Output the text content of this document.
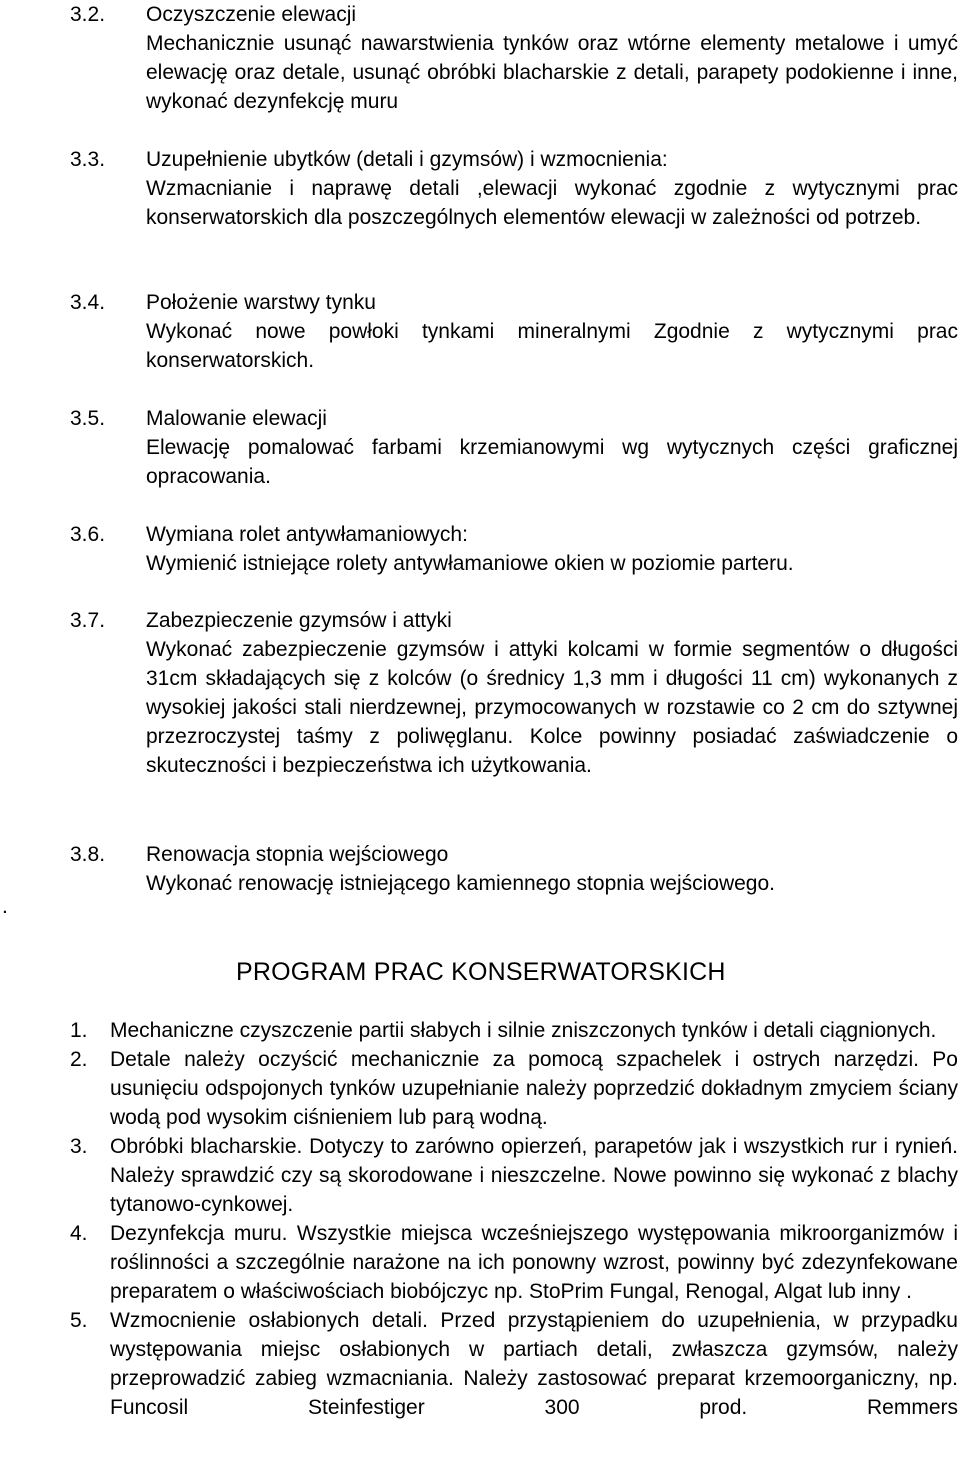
3.2. Oczyszczenie elewacji
Mechanicznie usunąć nawarstwienia tynków oraz wtórne elementy metalowe i umyć elewację oraz detale, usunąć obróbki blacharskie z detali, parapety podokienne i inne, wykonać dezynfekcję muru
3.3. Uzupełnienie ubytków (detali i gzymsów) i wzmocnienia:
Wzmacnianie i naprawę detali ,elewacji wykonać zgodnie z wytycznymi prac konserwatorskich dla poszczególnych elementów elewacji w zależności od potrzeb.
3.4. Położenie warstwy tynku
Wykonać nowe powłoki tynkami mineralnymi Zgodnie z wytycznymi prac konserwatorskich.
3.5. Malowanie elewacji
Elewację pomalować farbami krzemianowymi wg wytycznych części graficznej opracowania.
3.6. Wymiana rolet antywłamaniowych:
Wymienić istniejące rolety antywłamaniowe okien w poziomie parteru.
3.7. Zabezpieczenie gzymsów i attyki
Wykonać zabezpieczenie gzymsów i attyki kolcami w formie segmentów o długości 31cm składających się z kolców (o średnicy 1,3 mm i długości 11 cm) wykonanych z wysokiej jakości stali nierdzewnej, przymocowanych w rozstawie co 2 cm do sztywnej przezroczystej taśmy z poliwęglanu. Kolce powinny posiadać zaświadczenie o skuteczności i bezpieczeństwa ich użytkowania.
3.8. Renowacja stopnia wejściowego
Wykonać renowację istniejącego kamiennego stopnia wejściowego.
.
PROGRAM PRAC KONSERWATORSKICH
1. Mechaniczne czyszczenie partii słabych i silnie zniszczonych tynków i detali ciągnionych.
2. Detale należy oczyścić mechanicznie za pomocą szpachelek i ostrych narzędzi. Po usunięciu odspojonych tynków uzupełnianie należy poprzedzić dokładnym zmyciem ściany wodą pod wysokim ciśnieniem lub parą wodną.
3. Obróbki blacharskie. Dotyczy to zarówno opierzeń, parapetów jak i wszystkich rur i rynień. Należy sprawdzić czy są skorodowane i nieszczelne. Nowe powinno się wykonać z blachy tytanowo-cynkowej.
4. Dezynfekcja muru. Wszystkie miejsca wcześniejszego występowania mikroorganizmów i roślinności a szczególnie narażone na ich ponowny wzrost, powinny być zdezynfekowane preparatem o właściwościach biobójczyc np. StoPrim Fungal, Renogal, Algat lub inny .
5. Wzmocnienie osłabionych detali. Przed przystąpieniem do uzupełnienia, w przypadku występowania miejsc osłabionych w partiach detali, zwłaszcza gzymsów, należy przeprowadzić zabieg wzmacniania. Należy zastosować preparat krzemoorganiczny, np. Funcosil Steinfestiger 300 prod. Remmers
